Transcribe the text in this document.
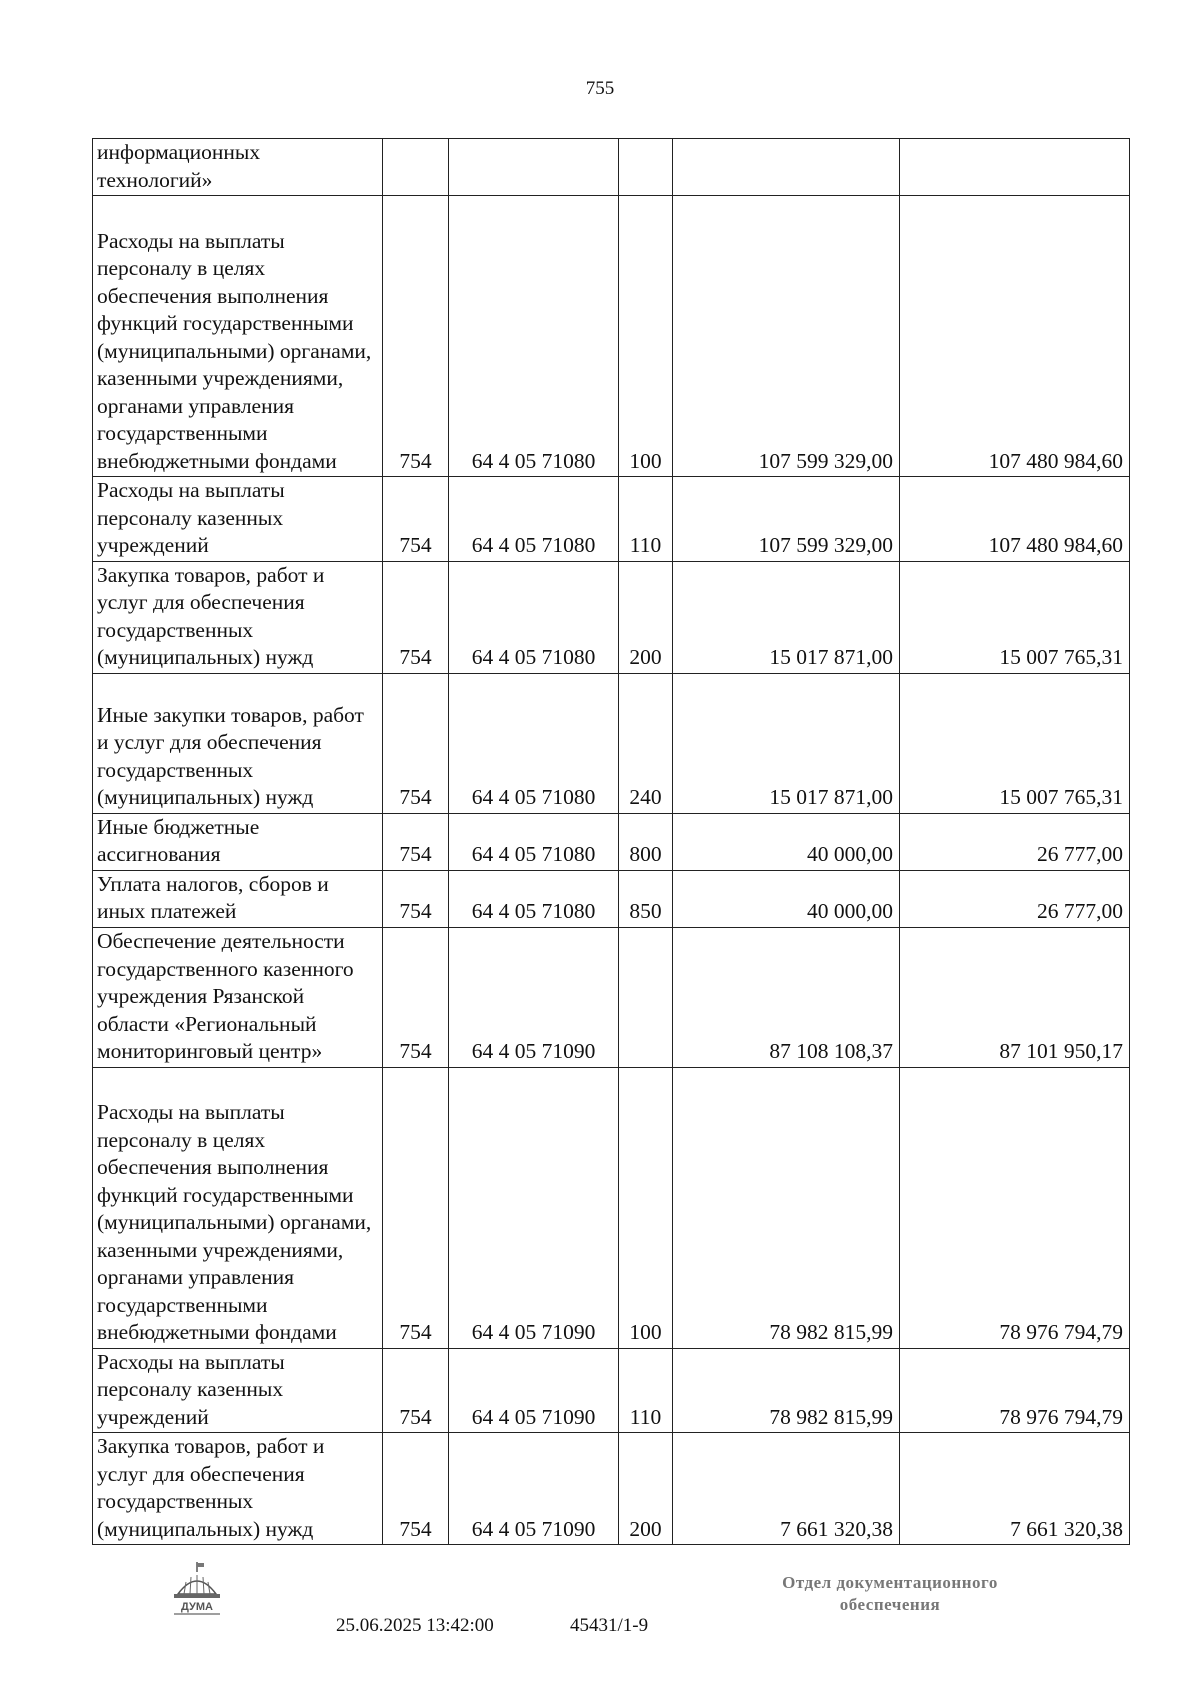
755
информационных технологий»					
Расходы на выплаты персоналу в целях обеспечения выполнения функций государственными (муниципальными) органами, казенными учреждениями, органами управления государственными внебюджетными фондами	754	64 4 05 71080	100	107 599 329,00	107 480 984,60
Расходы на выплаты персоналу казенных учреждений	754	64 4 05 71080	110	107 599 329,00	107 480 984,60
Закупка товаров, работ и услуг для обеспечения государственных (муниципальных) нужд	754	64 4 05 71080	200	15 017 871,00	15 007 765,31
Иные закупки товаров, работ и услуг для обеспечения государственных (муниципальных) нужд	754	64 4 05 71080	240	15 017 871,00	15 007 765,31
Иные бюджетные ассигнования	754	64 4 05 71080	800	40 000,00	26 777,00
Уплата налогов, сборов и иных платежей	754	64 4 05 71080	850	40 000,00	26 777,00
Обеспечение деятельности государственного казенного учреждения Рязанской области «Региональный мониторинговый центр»	754	64 4 05 71090		87 108 108,37	87 101 950,17
Расходы на выплаты персоналу в целях обеспечения выполнения функций государственными (муниципальными) органами, казенными учреждениями, органами управления государственными внебюджетными фондами	754	64 4 05 71090	100	78 982 815,99	78 976 794,79
Расходы на выплаты персоналу казенных учреждений	754	64 4 05 71090	110	78 982 815,99	78 976 794,79
Закупка товаров, работ и услуг для обеспечения государственных (муниципальных) нужд	754	64 4 05 71090	200	7 661 320,38	7 661 320,38
ДУМА
25.06.2025 13:42:00	45431/1-9
Отдел документационного
обеспечения
